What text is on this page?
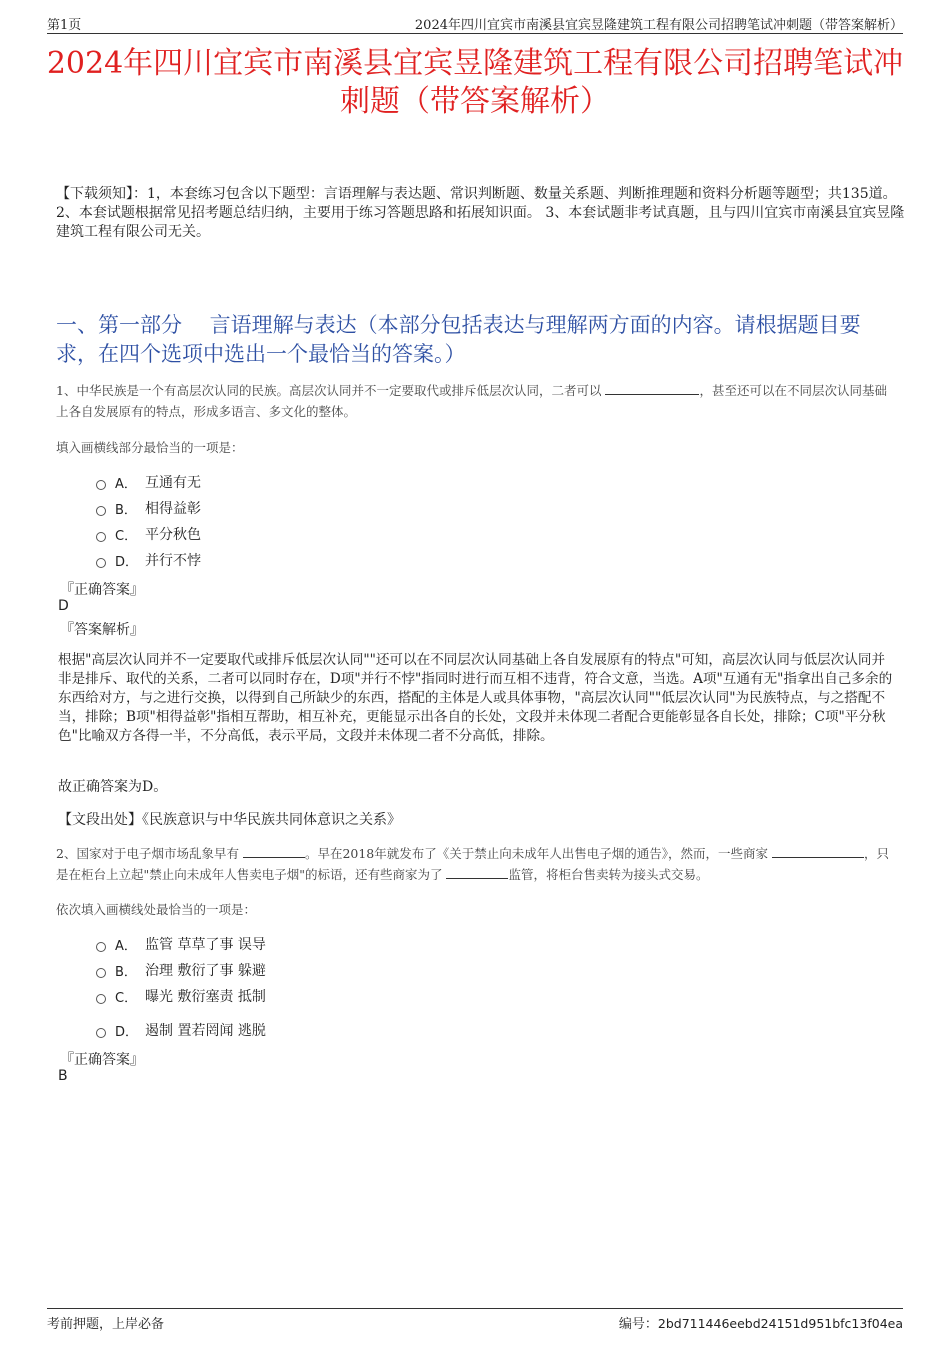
第1页	2024年四川宜宾市南溪县宜宾昱隆建筑工程有限公司招聘笔试冲刺题（带答案解析）
2024年四川宜宾市南溪县宜宾昱隆建筑工程有限公司招聘笔试冲刺题（带答案解析）
【下载须知】：1，本套练习包含以下题型：言语理解与表达题、常识判断题、数量关系题、判断推理题和资料分析题等题型；共135道。 2、本套试题根据常见招考题总结归纳，主要用于练习答题思路和拓展知识面。 3、本套试题非考试真题，且与四川宜宾市南溪县宜宾昱隆建筑工程有限公司无关。
一、第一部分　 言语理解与表达（本部分包括表达与理解两方面的内容。请根据题目要求，在四个选项中选出一个最恰当的答案。）
1、中华民族是一个有高层次认同的民族。高层次认同并不一定要取代或排斥低层次认同，二者可以	，甚至还可以在不同层次认同基础上各自发展原有的特点，形成多语言、多文化的整体。
填入画横线部分最恰当的一项是：
A． 互通有无
B． 相得益彰
C． 平分秋色
D． 并行不悖
『正确答案』
D
『答案解析』
根据"高层次认同并不一定要取代或排斥低层次认同""还可以在不同层次认同基础上各自发展原有的特点"可知，高层次认同与低层次认同并非是排斥、取代的关系，二者可以同时存在，D项"并行不悖"指同时进行而互相不违背，符合文意，当选。A项"互通有无"指拿出自己多余的东西给对方，与之进行交换，以得到自己所缺少的东西，搭配的主体是人或具体事物，"高层次认同""低层次认同"为民族特点，与之搭配不当，排除；B项"相得益彰"指相互帮助，相互补充，更能显示出各自的长处，文段并未体现二者配合更能彰显各自长处，排除；C项"平分秋色"比喻双方各得一半，不分高低，表示平局，文段并未体现二者不分高低，排除。
故正确答案为D。
【文段出处】《民族意识与中华民族共同体意识之关系》
2、国家对于电子烟市场乱象早有	。早在2018年就发布了《关于禁止向未成年人出售电子烟的通告》，然而，一些商家	，只是在柜台上立起"禁止向未成年人售卖电子烟"的标语，还有些商家为了	监管，将柜台售卖转为接头式交易。
依次填入画横线处最恰当的一项是：
A． 监管 草草了事 误导
B． 治理 敷衍了事 躲避
C． 曝光 敷衍塞责 抵制
D． 遏制 置若罔闻 逃脱
『正确答案』
B
考前押题，上岸必备	编号：2bd711446eebd24151d951bfc13f04ea
